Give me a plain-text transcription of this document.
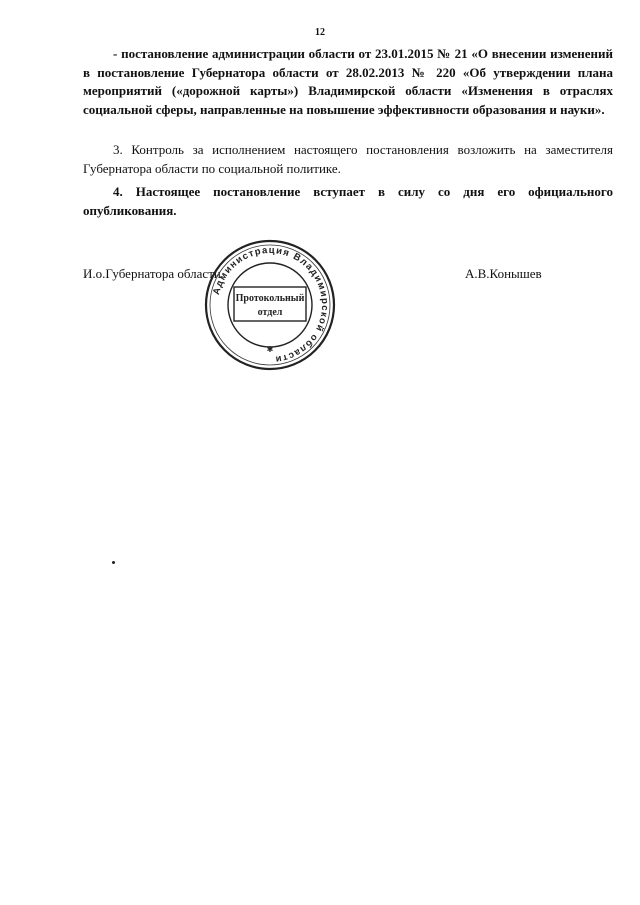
12

- постановление администрации области от 23.01.2015 № 21 «О внесении изменений в постановление Губернатора области от 28.02.2013 № 220 «Об утверждении плана мероприятий («дорожной карты») Владимирской области «Изменения в отраслях социальной сферы, направленные на повышение эффективности образования и науки».

3. Контроль за исполнением настоящего постановления возложить на заместителя Губернатора области по социальной политике.

4. Настоящее постановление вступает в силу со дня его официального опубликования.

И.о.Губернатора области	А.В.Конышев
Администрация Владимирской области
Протокольный
отдел
✱
